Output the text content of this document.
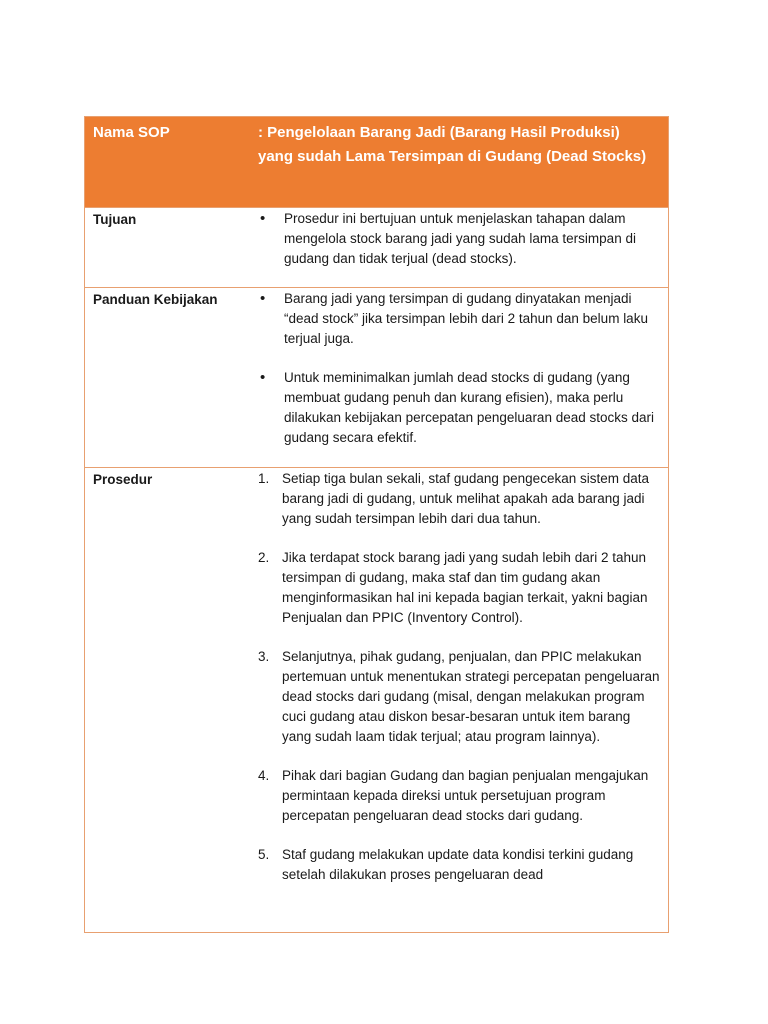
Nama SOP	: Pengelolaan Barang Jadi (Barang Hasil Produksi) yang sudah Lama Tersimpan di Gudang (Dead Stocks)
Tujuan	•	Prosedur ini bertujuan untuk menjelaskan tahapan dalam mengelola stock barang jadi yang sudah lama tersimpan di gudang dan tidak terjual (dead stocks).
Panduan Kebijakan	•	Barang jadi yang tersimpan di gudang dinyatakan menjadi “dead stock” jika tersimpan lebih dari 2 tahun dan belum laku terjual juga.
•	Untuk meminimalkan jumlah dead stocks di gudang (yang membuat gudang penuh dan kurang efisien), maka perlu dilakukan kebijakan percepatan pengeluaran dead stocks dari gudang secara efektif.
Prosedur	1. Setiap tiga bulan sekali, staf gudang pengecekan sistem data barang jadi di gudang, untuk melihat apakah ada barang jadi yang sudah tersimpan lebih dari dua tahun.
2. Jika terdapat stock barang jadi yang sudah lebih dari 2 tahun tersimpan di gudang, maka staf dan tim gudang akan menginformasikan hal ini kepada bagian terkait, yakni bagian Penjualan dan PPIC (Inventory Control).
3. Selanjutnya, pihak gudang, penjualan, dan PPIC melakukan pertemuan untuk menentukan strategi percepatan pengeluaran dead stocks dari gudang (misal, dengan melakukan program cuci gudang atau diskon besar-besaran untuk item barang yang sudah laam tidak terjual; atau program lainnya).
4. Pihak dari bagian Gudang dan bagian penjualan mengajukan permintaan kepada direksi untuk persetujuan program percepatan pengeluaran dead stocks dari gudang.
5. Staf gudang melakukan update data kondisi terkini gudang setelah dilakukan proses pengeluaran dead
